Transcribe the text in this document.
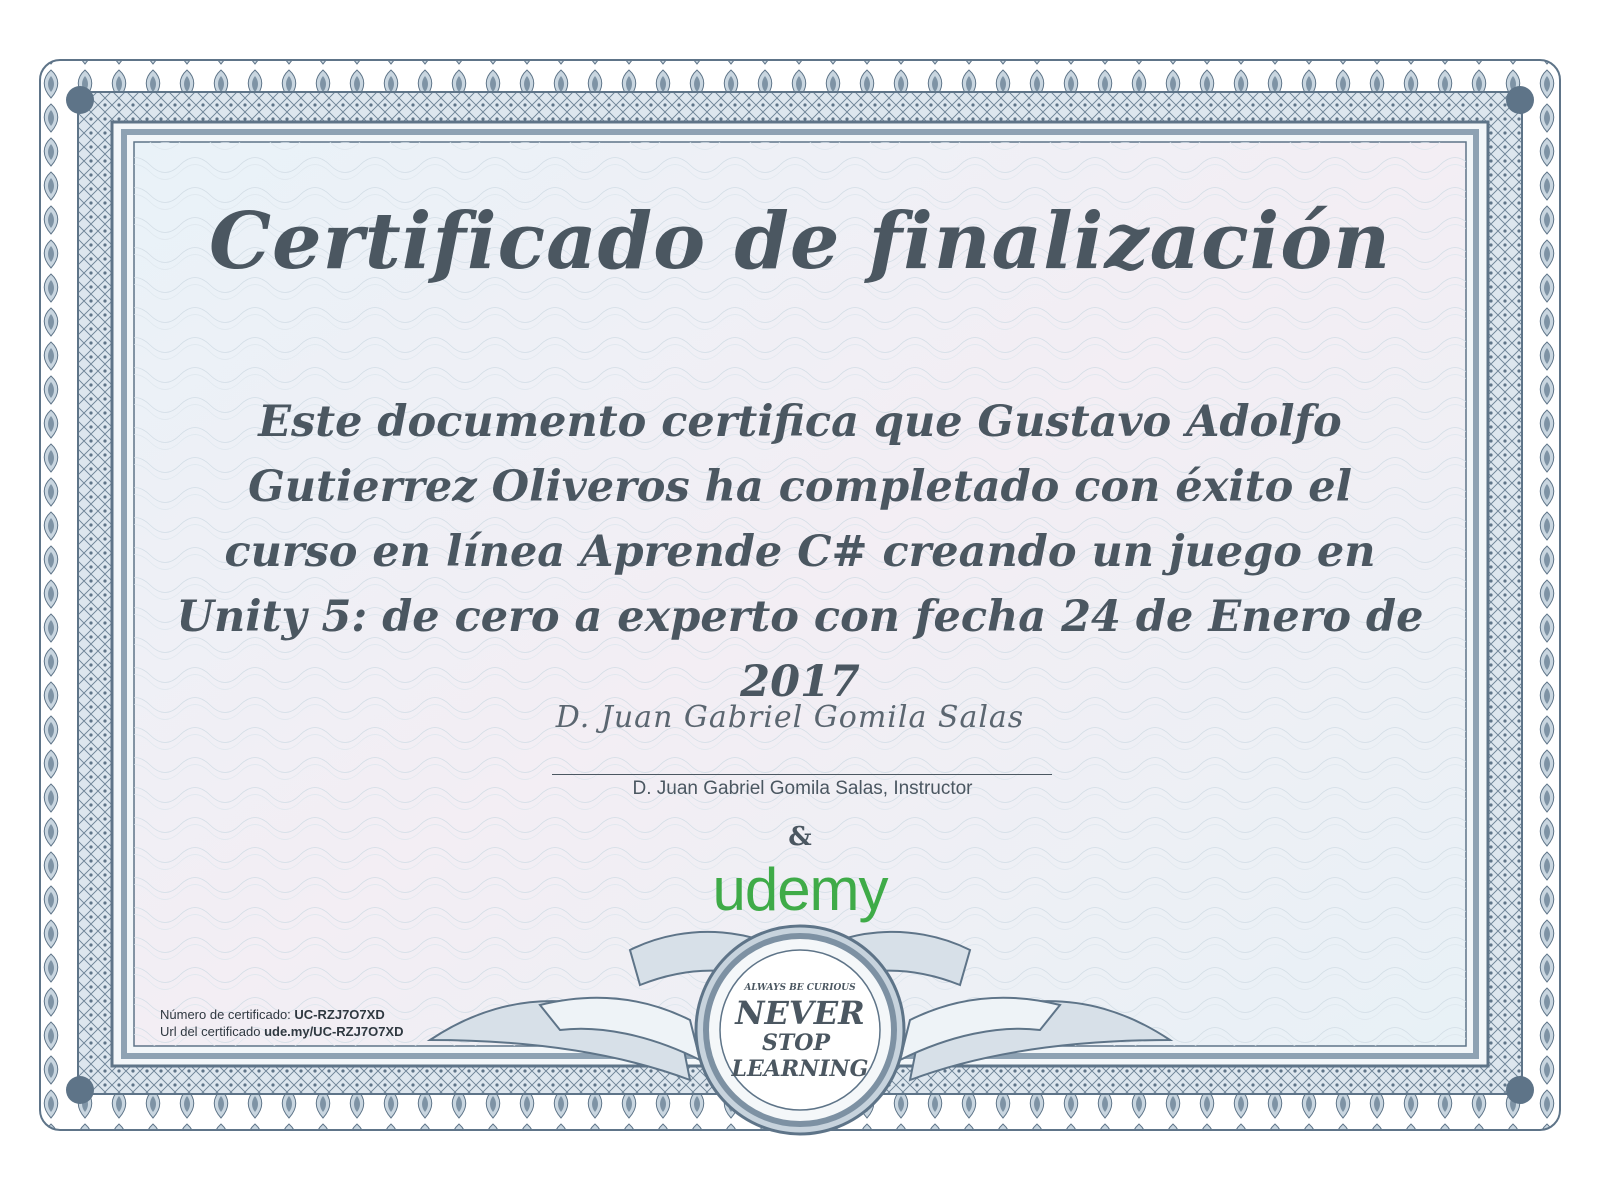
Certificado de finalización
Este documento certifica que Gustavo Adolfo Gutierrez Oliveros ha completado con éxito el curso en línea Aprende C# creando un juego en Unity 5: de cero a experto con fecha 24 de Enero de 2017
D. Juan Gabriel Gomila Salas
D. Juan Gabriel Gomila Salas, Instructor
&
udemy
ALWAYS BE CURIOUS
NEVER
STOP
LEARNING
Número de certificado: UC-RZJ7O7XD
Url del certificado ude.my/UC-RZJ7O7XD
